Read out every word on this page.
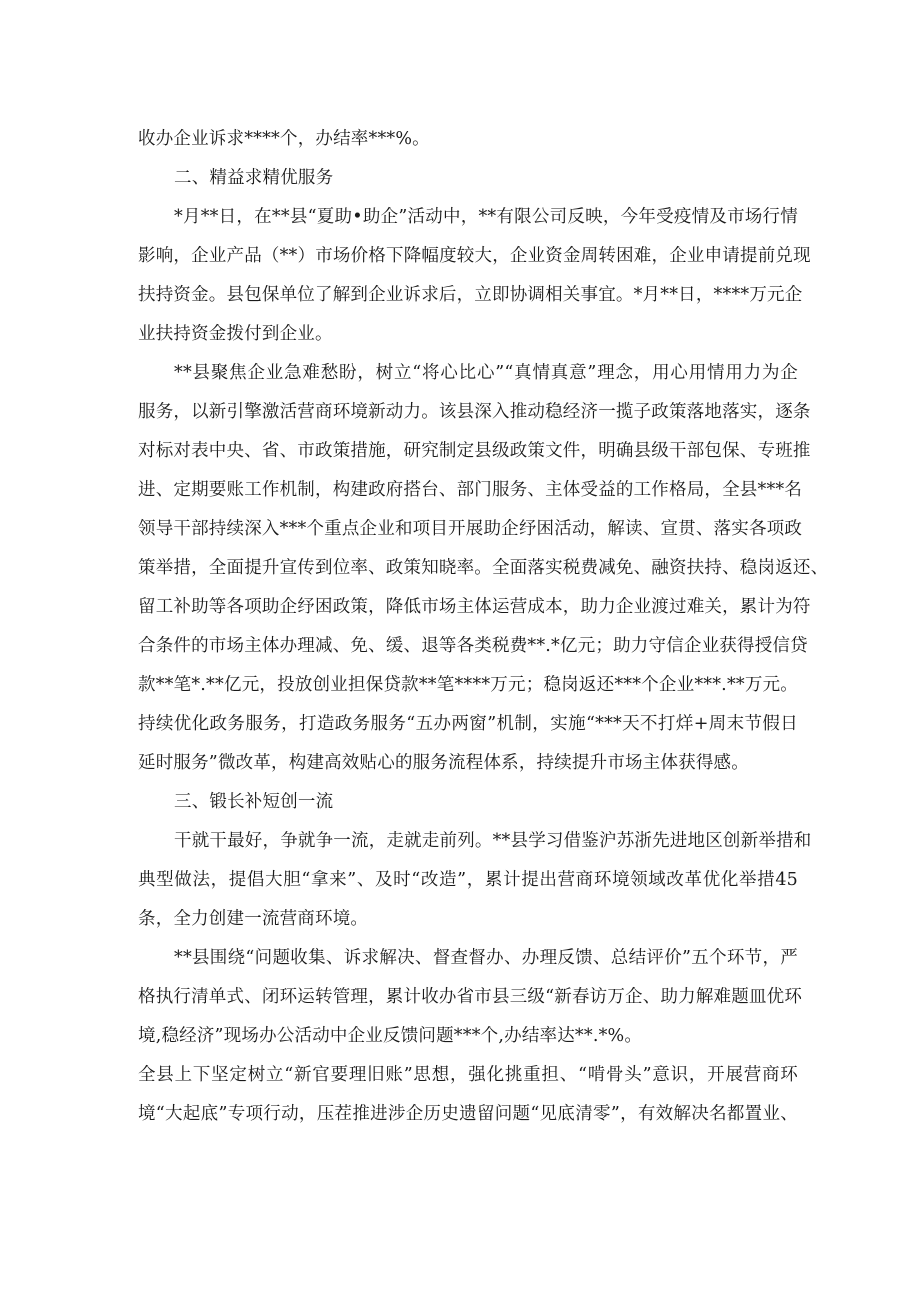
收办企业诉求****个，办结率***%。
二、精益求精优服务
*月**日，在**县“夏助•助企”活动中，**有限公司反映，今年受疫情及市场行情
影响，企业产品（**）市场价格下降幅度较大，企业资金周转困难，企业申请提前兑现
扶持资金。县包保单位了解到企业诉求后，立即协调相关事宜。*月**日，****万元企
业扶持资金拨付到企业。
**县聚焦企业急难愁盼，树立“将心比心”“真情真意”理念，用心用情用力为企
服务，以新引擎激活营商环境新动力。该县深入推动稳经济一揽子政策落地落实，逐条
对标对表中央、省、市政策措施，研究制定县级政策文件，明确县级干部包保、专班推
进、定期要账工作机制，构建政府搭台、部门服务、主体受益的工作格局，全县***名
领导干部持续深入***个重点企业和项目开展助企纾困活动，解读、宣贯、落实各项政
策举措，全面提升宣传到位率、政策知晓率。全面落实税费减免、融资扶持、稳岗返还、
留工补助等各项助企纾困政策，降低市场主体运营成本，助力企业渡过难关，累计为符
合条件的市场主体办理减、免、缓、退等各类税费**.*亿元；助力守信企业获得授信贷
款**笔*.**亿元，投放创业担保贷款**笔****万元；稳岗返还***个企业***.**万元。
持续优化政务服务，打造政务服务“五办两窗”机制，实施“***天不打烊+周末节假日
延时服务”微改革，构建高效贴心的服务流程体系，持续提升市场主体获得感。
三、锻长补短创一流
干就干最好，争就争一流，走就走前列。**县学习借鉴沪苏浙先进地区创新举措和
典型做法，提倡大胆“拿来”、及时“改造”，累计提出营商环境领域改革优化举措45
条，全力创建一流营商环境。
**县围绕“问题收集、诉求解决、督查督办、办理反馈、总结评价”五个环节，严
格执行清单式、闭环运转管理，累计收办省市县三级“新春访万企、助力解难题皿优环
境,稳经济”现场办公活动中企业反馈问题***个,办结率达**.*%。
全县上下坚定树立“新官要理旧账”思想，强化挑重担、“啃骨头”意识，开展营商环
境“大起底”专项行动，压茬推进涉企历史遗留问题“见底清零”，有效解决名都置业、
